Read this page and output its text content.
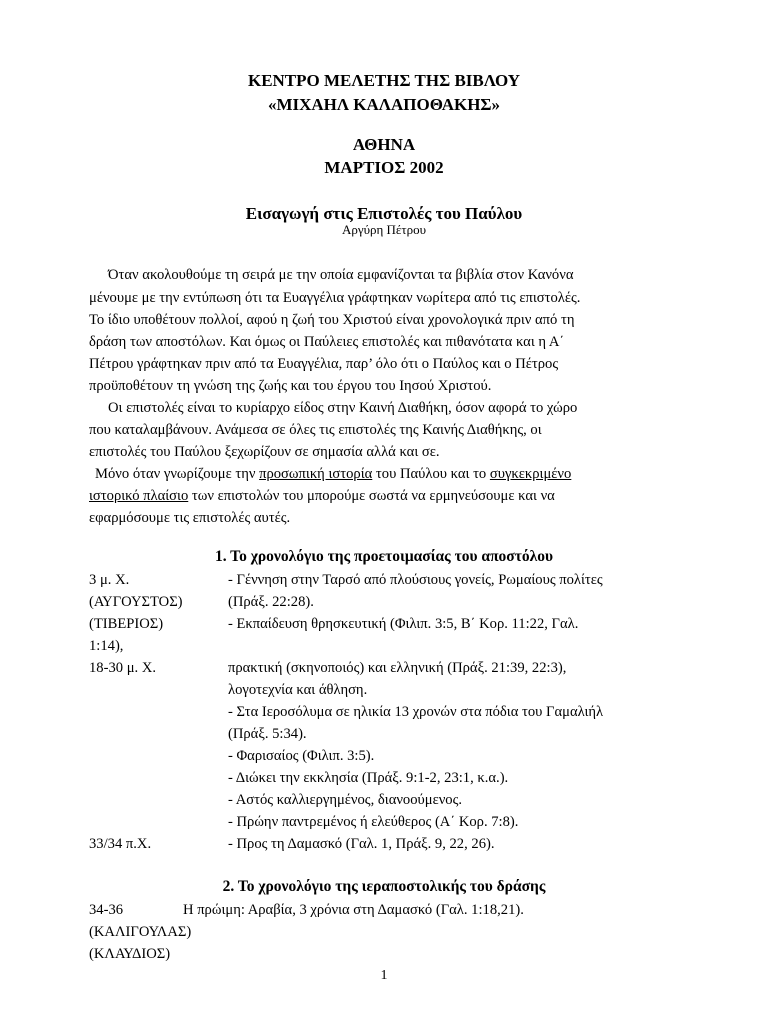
ΚΕΝΤΡΟ ΜΕΛΕΤΗΣ ΤΗΣ ΒΙΒΛΟΥ
«ΜΙΧΑΗΛ ΚΑΛΑΠΟΘΑΚΗΣ»
ΑΘΗΝΑ
ΜΑΡΤΙΟΣ 2002
Εισαγωγή στις Επιστολές του Παύλου
Αργύρη Πέτρου
Όταν ακολουθούμε τη σειρά με την οποία εμφανίζονται τα βιβλία στον Κανόνα
μένουμε με την εντύπωση ότι τα Ευαγγέλια γράφτηκαν νωρίτερα από τις επιστολές.
Το ίδιο υποθέτουν πολλοί, αφού η ζωή του Χριστού είναι χρονολογικά πριν από τη
δράση των αποστόλων. Και όμως οι Παύλειες επιστολές και πιθανότατα και η Α΄
Πέτρου γράφτηκαν πριν από τα Ευαγγέλια, παρ’ όλο ότι ο Παύλος και ο Πέτρος
προϋποθέτουν τη γνώση της ζωής και του έργου του Ιησού Χριστού.
Οι επιστολές είναι το κυρίαρχο είδος στην Καινή Διαθήκη, όσον αφορά το χώρο
που καταλαμβάνουν. Ανάμεσα σε όλες τις επιστολές της Καινής Διαθήκης, οι
επιστολές του Παύλου ξεχωρίζουν σε σημασία αλλά και σε.
Μόνο όταν γνωρίζουμε την προσωπική ιστορία του Παύλου και το συγκεκριμένο
ιστορικό πλαίσιο των επιστολών του μπορούμε σωστά να ερμηνεύσουμε και να
εφαρμόσουμε τις επιστολές αυτές.
1. Το χρονολόγιο της προετοιμασίας του αποστόλου
3 μ. Χ.	- Γέννηση στην Ταρσό από πλούσιους γονείς, Ρωμαίους πολίτες
(ΑΥΓΟΥΣΤΟΣ)	(Πράξ. 22:28).
(ΤΙΒΕΡΙΟΣ)	- Εκπαίδευση θρησκευτική (Φιλιπ. 3:5, Β΄ Κορ. 11:22, Γαλ.
1:14),
18-30 μ. Χ.	πρακτική (σκηνοποιός) και ελληνική (Πράξ. 21:39, 22:3),
λογοτεχνία και άθληση.
- Στα Ιεροσόλυμα σε ηλικία 13 χρονών στα πόδια του Γαμαλιήλ
(Πράξ. 5:34).
- Φαρισαίος (Φιλιπ. 3:5).
- Διώκει την εκκλησία (Πράξ. 9:1-2, 23:1, κ.α.).
- Αστός καλλιεργημένος, διανοούμενος.
- Πρώην παντρεμένος ή ελεύθερος (Α΄ Κορ. 7:8).
33/34 π.Χ.	- Προς τη Δαμασκό (Γαλ. 1, Πράξ. 9, 22, 26).
2. Το χρονολόγιο της ιεραποστολικής του δράσης
34-36	Η πρώιμη: Αραβία, 3 χρόνια στη Δαμασκό (Γαλ. 1:18,21).
(ΚΑΛΙΓΟΥΛΑΣ)
(ΚΛΑΥΔΙΟΣ)
1
